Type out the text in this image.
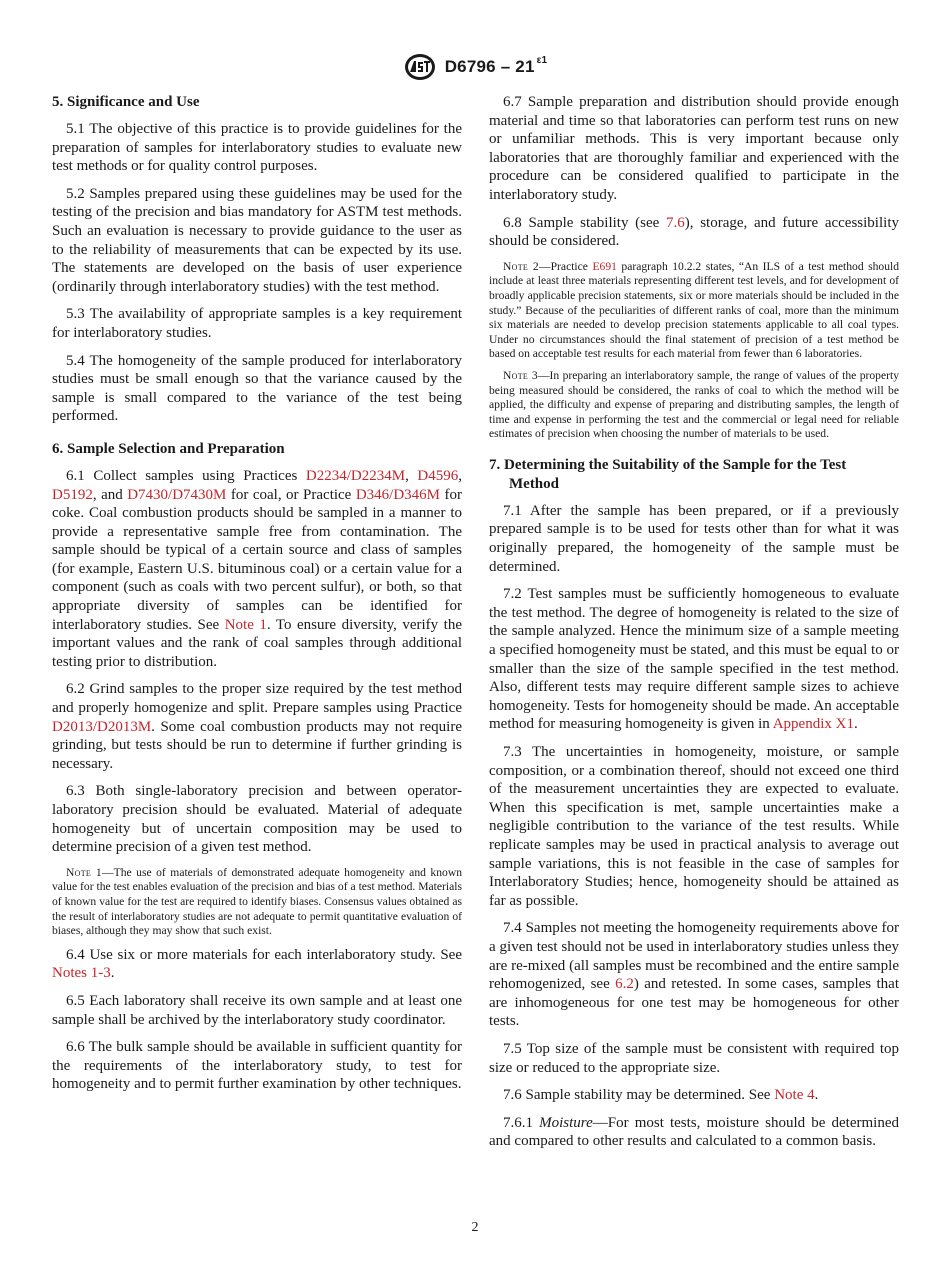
D6796 – 21 $^{\varepsilon 1}$
5. Significance and Use

5.1 The objective of this practice is to provide guidelines for the preparation of samples for interlaboratory studies to evaluate new test methods or for quality control purposes.

5.2 Samples prepared using these guidelines may be used for the testing of the precision and bias mandatory for ASTM test methods. Such an evaluation is necessary to provide guidance to the user as to the reliability of measurements that can be expected by its use. The statements are developed on the basis of user experience (ordinarily through interlaboratory studies) with the test method.

5.3 The availability of appropriate samples is a key requirement for interlaboratory studies.

5.4 The homogeneity of the sample produced for interlaboratory studies must be small enough so that the variance caused by the sample is small compared to the variance of the test being performed.

6. Sample Selection and Preparation

6.1 Collect samples using Practices D2234/D2234M, D4596, D5192, and D7430/D7430M for coal, or Practice D346/D346M for coke. Coal combustion products should be sampled in a manner to provide a representative sample free from contamination. The sample should be typical of a certain source and class of samples (for example, Eastern U.S. bituminous coal) or a certain value for a component (such as coals with two percent sulfur), or both, so that appropriate diversity of samples can be identified for interlaboratory studies. See Note 1. To ensure diversity, verify the important values and the rank of coal samples through additional testing prior to distribution.

6.2 Grind samples to the proper size required by the test method and properly homogenize and split. Prepare samples using Practice D2013/D2013M. Some coal combustion products may not require grinding, but tests should be run to determine if further grinding is necessary.

6.3 Both single-laboratory precision and between operator-laboratory precision should be evaluated. Material of adequate homogeneity but of uncertain composition may be used to determine precision of a given test method.

Note 1—The use of materials of demonstrated adequate homogeneity and known value for the test enables evaluation of the precision and bias of a test method. Materials of known value for the test are required to identify biases. Consensus values obtained as the result of interlaboratory studies are not adequate to permit quantitative evaluation of biases, although they may show that such exist.

6.4 Use six or more materials for each interlaboratory study. See Notes 1-3.

6.5 Each laboratory shall receive its own sample and at least one sample shall be archived by the interlaboratory study coordinator.

6.6 The bulk sample should be available in sufficient quantity for the requirements of the interlaboratory study, to test for homogeneity and to permit further examination by other techniques.

6.7 Sample preparation and distribution should provide enough material and time so that laboratories can perform test runs on new or unfamiliar methods. This is very important because only laboratories that are thoroughly familiar and experienced with the procedure can be considered qualified to participate in the interlaboratory study.

6.8 Sample stability (see 7.6), storage, and future accessibility should be considered.

Note 2—Practice E691 paragraph 10.2.2 states, “An ILS of a test method should include at least three materials representing different test levels, and for development of broadly applicable precision statements, six or more materials should be included in the study.” Because of the peculiarities of different ranks of coal, more than the minimum six materials are needed to develop precision statements applicable to all coal types. Under no circumstances should the final statement of precision of a test method be based on acceptable test results for each material from fewer than 6 laboratories.

Note 3—In preparing an interlaboratory sample, the range of values of the property being measured should be considered, the ranks of coal to which the method will be applied, the difficulty and expense of preparing and distributing samples, the length of time and expense in performing the test and the commercial or legal need for reliable estimates of precision when choosing the number of materials to be used.

7. Determining the Suitability of the Sample for the Test Method

7.1 After the sample has been prepared, or if a previously prepared sample is to be used for tests other than for what it was originally prepared, the homogeneity of the sample must be determined.

7.2 Test samples must be sufficiently homogeneous to evaluate the test method. The degree of homogeneity is related to the size of the sample analyzed. Hence the minimum size of a sample meeting a specified homogeneity must be stated, and this must be equal to or smaller than the size of the sample specified in the test method. Also, different tests may require different sample sizes to achieve homogeneity. Tests for homogeneity should be made. An acceptable method for measuring homogeneity is given in Appendix X1.

7.3 The uncertainties in homogeneity, moisture, or sample composition, or a combination thereof, should not exceed one third of the measurement uncertainties they are expected to evaluate. When this specification is met, sample uncertainties make a negligible contribution to the variance of the test results. While replicate samples may be used in practical analysis to average out sample variations, this is not feasible in the case of samples for Interlaboratory Studies; hence, homogeneity should be attained as far as possible.

7.4 Samples not meeting the homogeneity requirements above for a given test should not be used in interlaboratory studies unless they are re-mixed (all samples must be recombined and the entire sample rehomogenized, see 6.2) and retested. In some cases, samples that are inhomogeneous for one test may be homogeneous for other tests.

7.5 Top size of the sample must be consistent with required top size or reduced to the appropriate size.

7.6 Sample stability may be determined. See Note 4.

7.6.1 Moisture—For most tests, moisture should be determined and compared to other results and calculated to a common basis.

2
